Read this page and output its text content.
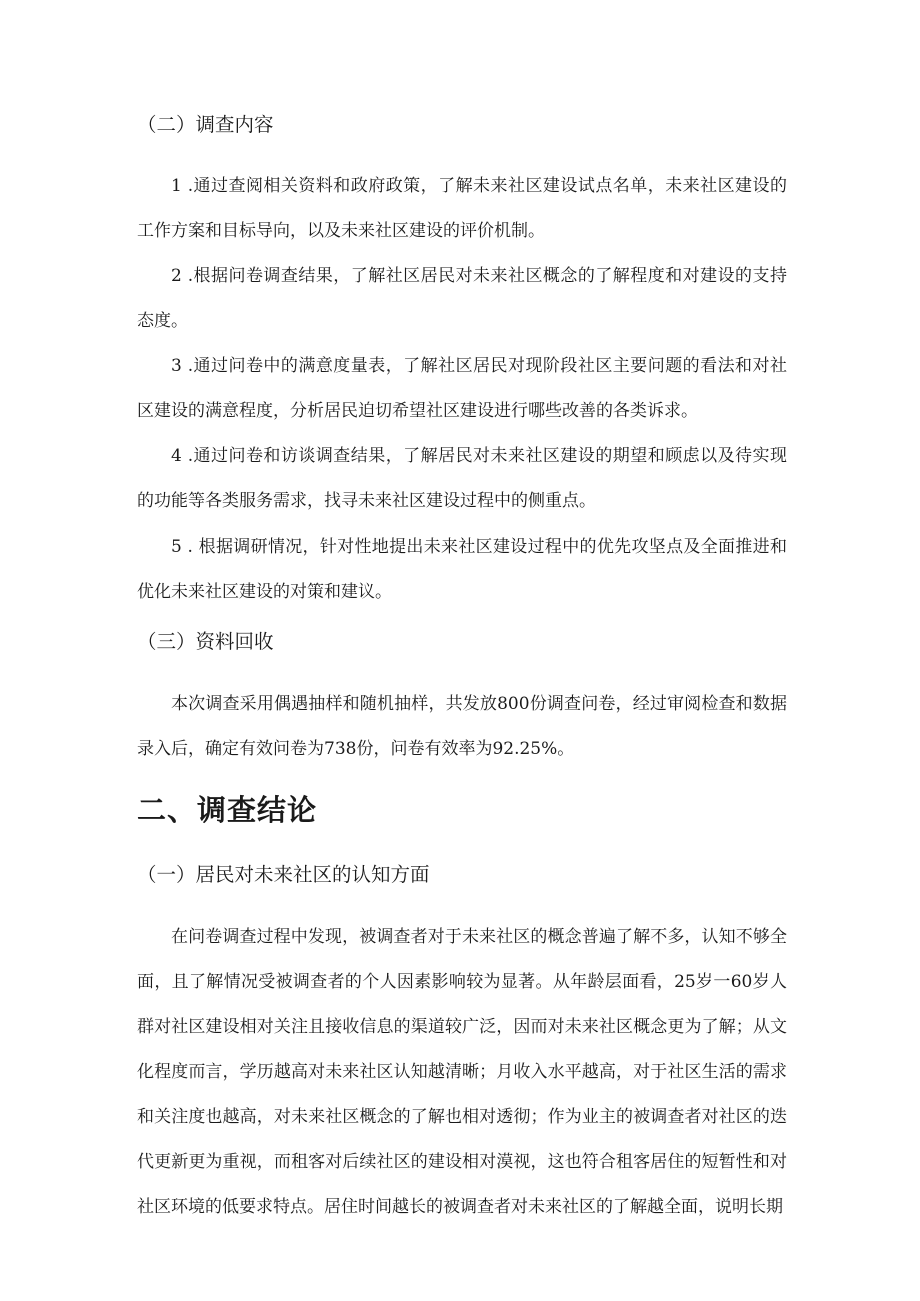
（二）调查内容

1 .通过查阅相关资料和政府政策，了解未来社区建设试点名单，未来社区建设的工作方案和目标导向，以及未来社区建设的评价机制。

2 .根据问卷调查结果，了解社区居民对未来社区概念的了解程度和对建设的支持态度。

3 .通过问卷中的满意度量表，了解社区居民对现阶段社区主要问题的看法和对社区建设的满意程度，分析居民迫切希望社区建设进行哪些改善的各类诉求。

4 .通过问卷和访谈调查结果，了解居民对未来社区建设的期望和顾虑以及待实现的功能等各类服务需求，找寻未来社区建设过程中的侧重点。

5 . 根据调研情况，针对性地提出未来社区建设过程中的优先攻坚点及全面推进和优化未来社区建设的对策和建议。

（三）资料回收

本次调查采用偶遇抽样和随机抽样，共发放800份调查问卷，经过审阅检查和数据录入后，确定有效问卷为738份，问卷有效率为92.25%。

二、调查结论
（一）居民对未来社区的认知方面

在问卷调查过程中发现，被调查者对于未来社区的概念普遍了解不多，认知不够全面，且了解情况受被调查者的个人因素影响较为显著。从年龄层面看，25岁一60岁人群对社区建设相对关注且接收信息的渠道较广泛，因而对未来社区概念更为了解；从文化程度而言，学历越高对未来社区认知越清晰；月收入水平越高，对于社区生活的需求和关注度也越高，对未来社区概念的了解也相对透彻；作为业主的被调查者对社区的迭代更新更为重视，而租客对后续社区的建设相对漠视，这也符合租客居住的短暂性和对社区环境的低要求特点。居住时间越长的被调查者对未来社区的了解越全面，说明长期
